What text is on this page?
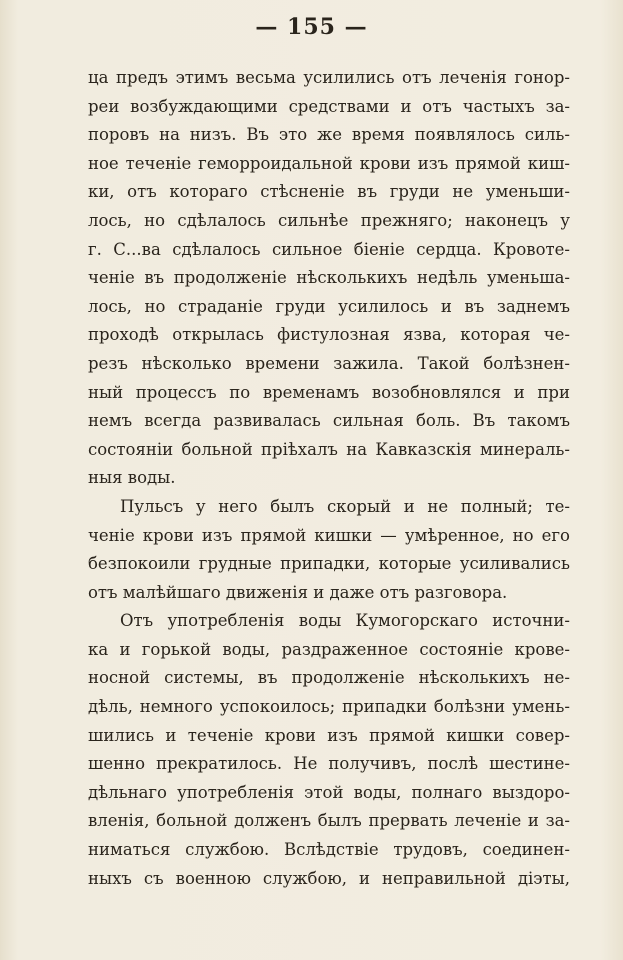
— 155 —
ца предъ этимъ весьма усилились отъ леченія гонор-
реи возбуждающими средствами и отъ частыхъ за-
поровъ на низъ. Въ это же время появлялось силь-
ное теченіе геморроидальной крови изъ прямой киш-
ки, отъ котораго стѣсненіе въ груди не уменьши-
лось, но сдѣлалось сильнѣе прежняго; наконецъ у
г. С...ва сдѣлалось сильное біеніе сердца. Кровоте-
ченіе въ продолженіе нѣсколькихъ недѣль уменьша-
лось, но страданіе груди усилилось и въ заднемъ
проходѣ открылась фистулозная язва, которая че-
резъ нѣсколько времени зажила. Такой болѣзнен-
ный процессъ по временамъ возобновлялся и при
немъ всегда развивалась сильная боль. Въ такомъ
состояніи больной пріѣхалъ на Кавказскія минераль-
ныя воды.
Пульсъ у него былъ скорый и не полный; те-
ченіе крови изъ прямой кишки — умѣренное, но его
безпокоили грудные припадки, которые усиливались
отъ малѣйшаго движенія и даже отъ разговора.
Отъ употребленія воды Кумогорскаго источни-
ка и горькой воды, раздраженное состояніе крове-
носной системы, въ продолженіе нѣсколькихъ не-
дѣль, немного успокоилось; припадки болѣзни умень-
шились и теченіе крови изъ прямой кишки совер-
шенно прекратилось. Не получивъ, послѣ шестине-
дѣльнаго употребленія этой воды, полнаго выздоро-
вленія, больной долженъ былъ прервать леченіе и за-
ниматься службою. Вслѣдствіе трудовъ, соединен-
ныхъ съ военною службою, и неправильной діэты,
